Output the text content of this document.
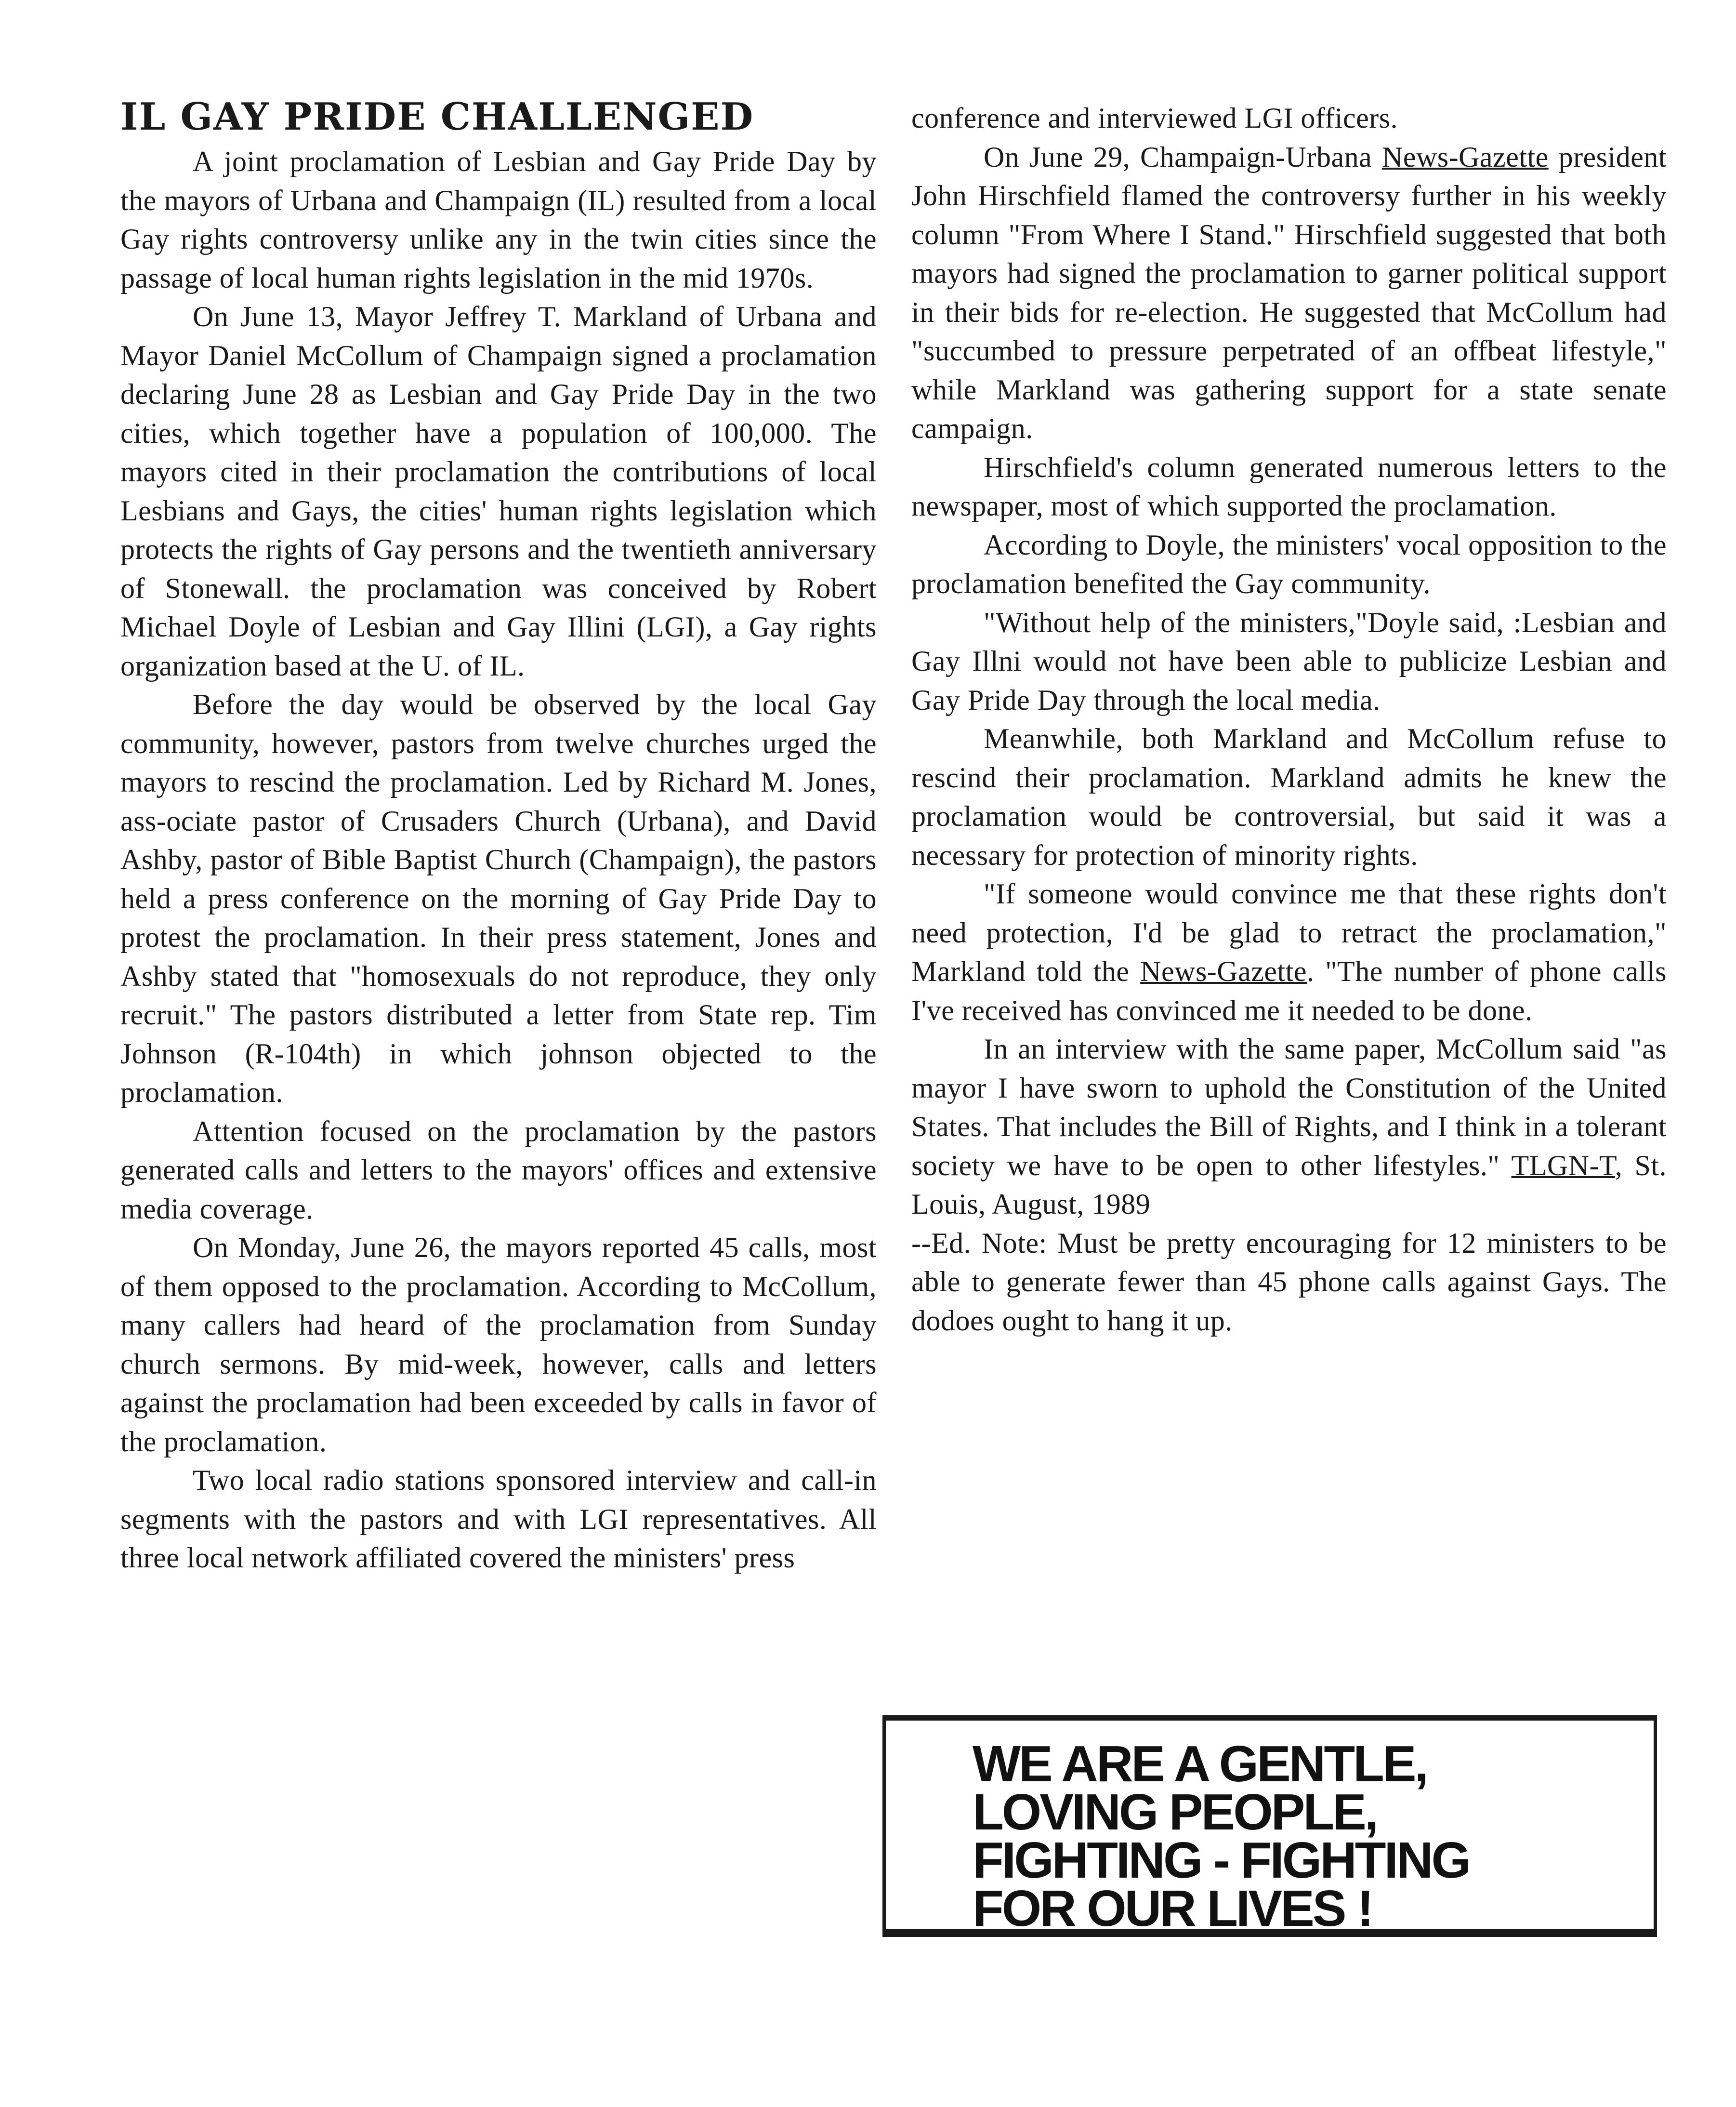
IL GAY PRIDE CHALLENGED

A joint proclamation of Lesbian and Gay Pride Day by the mayors of Urbana and Champaign (IL) resulted from a local Gay rights controversy unlike any in the twin cities since the passage of local human rights legislation in the mid 1970s.

On June 13, Mayor Jeffrey T. Markland of Urbana and Mayor Daniel McCollum of Champaign signed a proclamation declaring June 28 as Lesbian and Gay Pride Day in the two cities, which together have a population of 100,000. The mayors cited in their proclamation the contributions of local Lesbians and Gays, the cities' human rights legislation which protects the rights of Gay persons and the twentieth anniversary of Stonewall. the proclamation was conceived by Robert Michael Doyle of Lesbian and Gay Illini (LGI), a Gay rights organization based at the U. of IL.

Before the day would be observed by the local Gay community, however, pastors from twelve churches urged the mayors to rescind the proclamation. Led by Richard M. Jones, ass-ociate pastor of Crusaders Church (Urbana), and David Ashby, pastor of Bible Baptist Church (Champaign), the pastors held a press conference on the morning of Gay Pride Day to protest the proclamation. In their press statement, Jones and Ashby stated that "homosexuals do not reproduce, they only recruit." The pastors distributed a letter from State rep. Tim Johnson (R-104th) in which johnson objected to the proclamation.

Attention focused on the proclamation by the pastors generated calls and letters to the mayors' offices and extensive media coverage.

On Monday, June 26, the mayors reported 45 calls, most of them opposed to the proclamation. According to McCollum, many callers had heard of the proclamation from Sunday church sermons. By mid-week, however, calls and letters against the proclamation had been exceeded by calls in favor of the proclamation.

Two local radio stations sponsored interview and call-in segments with the pastors and with LGI representatives. All three local network affiliated covered the ministers' press

conference and interviewed LGI officers.

On June 29, Champaign-Urbana News-Gazette president John Hirschfield flamed the controversy further in his weekly column "From Where I Stand." Hirschfield suggested that both mayors had signed the proclamation to garner political support in their bids for re-election. He suggested that McCollum had "succumbed to pressure perpetrated of an offbeat lifestyle," while Markland was gathering support for a state senate campaign.

Hirschfield's column generated numerous letters to the newspaper, most of which supported the proclamation.

According to Doyle, the ministers' vocal opposition to the proclamation benefited the Gay community.

"Without help of the ministers,"Doyle said, :Lesbian and Gay Illni would not have been able to publicize Lesbian and Gay Pride Day through the local media.

Meanwhile, both Markland and McCollum refuse to rescind their proclamation. Markland admits he knew the proclamation would be controversial, but said it was a necessary for protection of minority rights.

"If someone would convince me that these rights don't need protection, I'd be glad to retract the proclamation," Markland told the News-Gazette. "The number of phone calls I've received has convinced me it needed to be done.

In an interview with the same paper, McCollum said "as mayor I have sworn to uphold the Constitution of the United States. That includes the Bill of Rights, and I think in a tolerant society we have to be open to other lifestyles." TLGN-T, St. Louis, August, 1989

--Ed. Note: Must be pretty encouraging for 12 ministers to be able to generate fewer than 45 phone calls against Gays. The dodoes ought to hang it up.

WE ARE A GENTLE,
LOVING PEOPLE,
FIGHTING - FIGHTING
FOR OUR LIVES !
